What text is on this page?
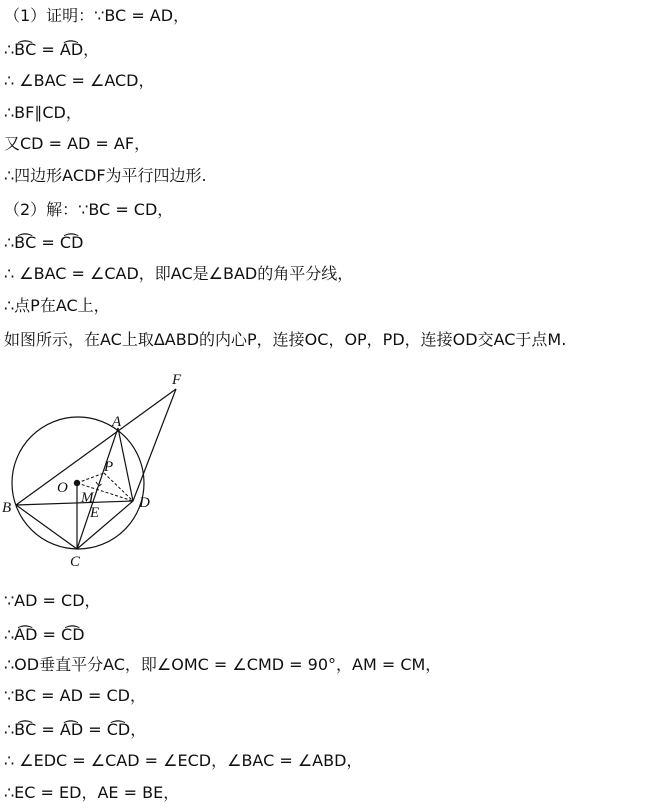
（1）证明：∵BC = AD，
∴B͡C = A͡D，
∴ ∠BAC = ∠ACD，
∴BF∥CD，
又CD = AD = AF，
∴四边形ACDF为平行四边形.
（2）解：∵BC = CD，
∴B͡C = C͡D
∴ ∠BAC = ∠CAD，即AC是∠BAD的角平分线，
∴点P在AC上，
如图所示，在AC上取ΔABD的内心P，连接OC，OP，PD，连接OD交AC于点M.
F
A
P
O
M	D
B	E
C
∵AD = CD，
∴A͡D = C͡D
∴OD垂直平分AC，即∠OMC = ∠CMD = 90°，AM = CM，
∵BC = AD = CD，
∴B͡C = A͡D = C͡D，
∴ ∠EDC = ∠CAD = ∠ECD，∠BAC = ∠ABD，
∴EC = ED，AE = BE，
